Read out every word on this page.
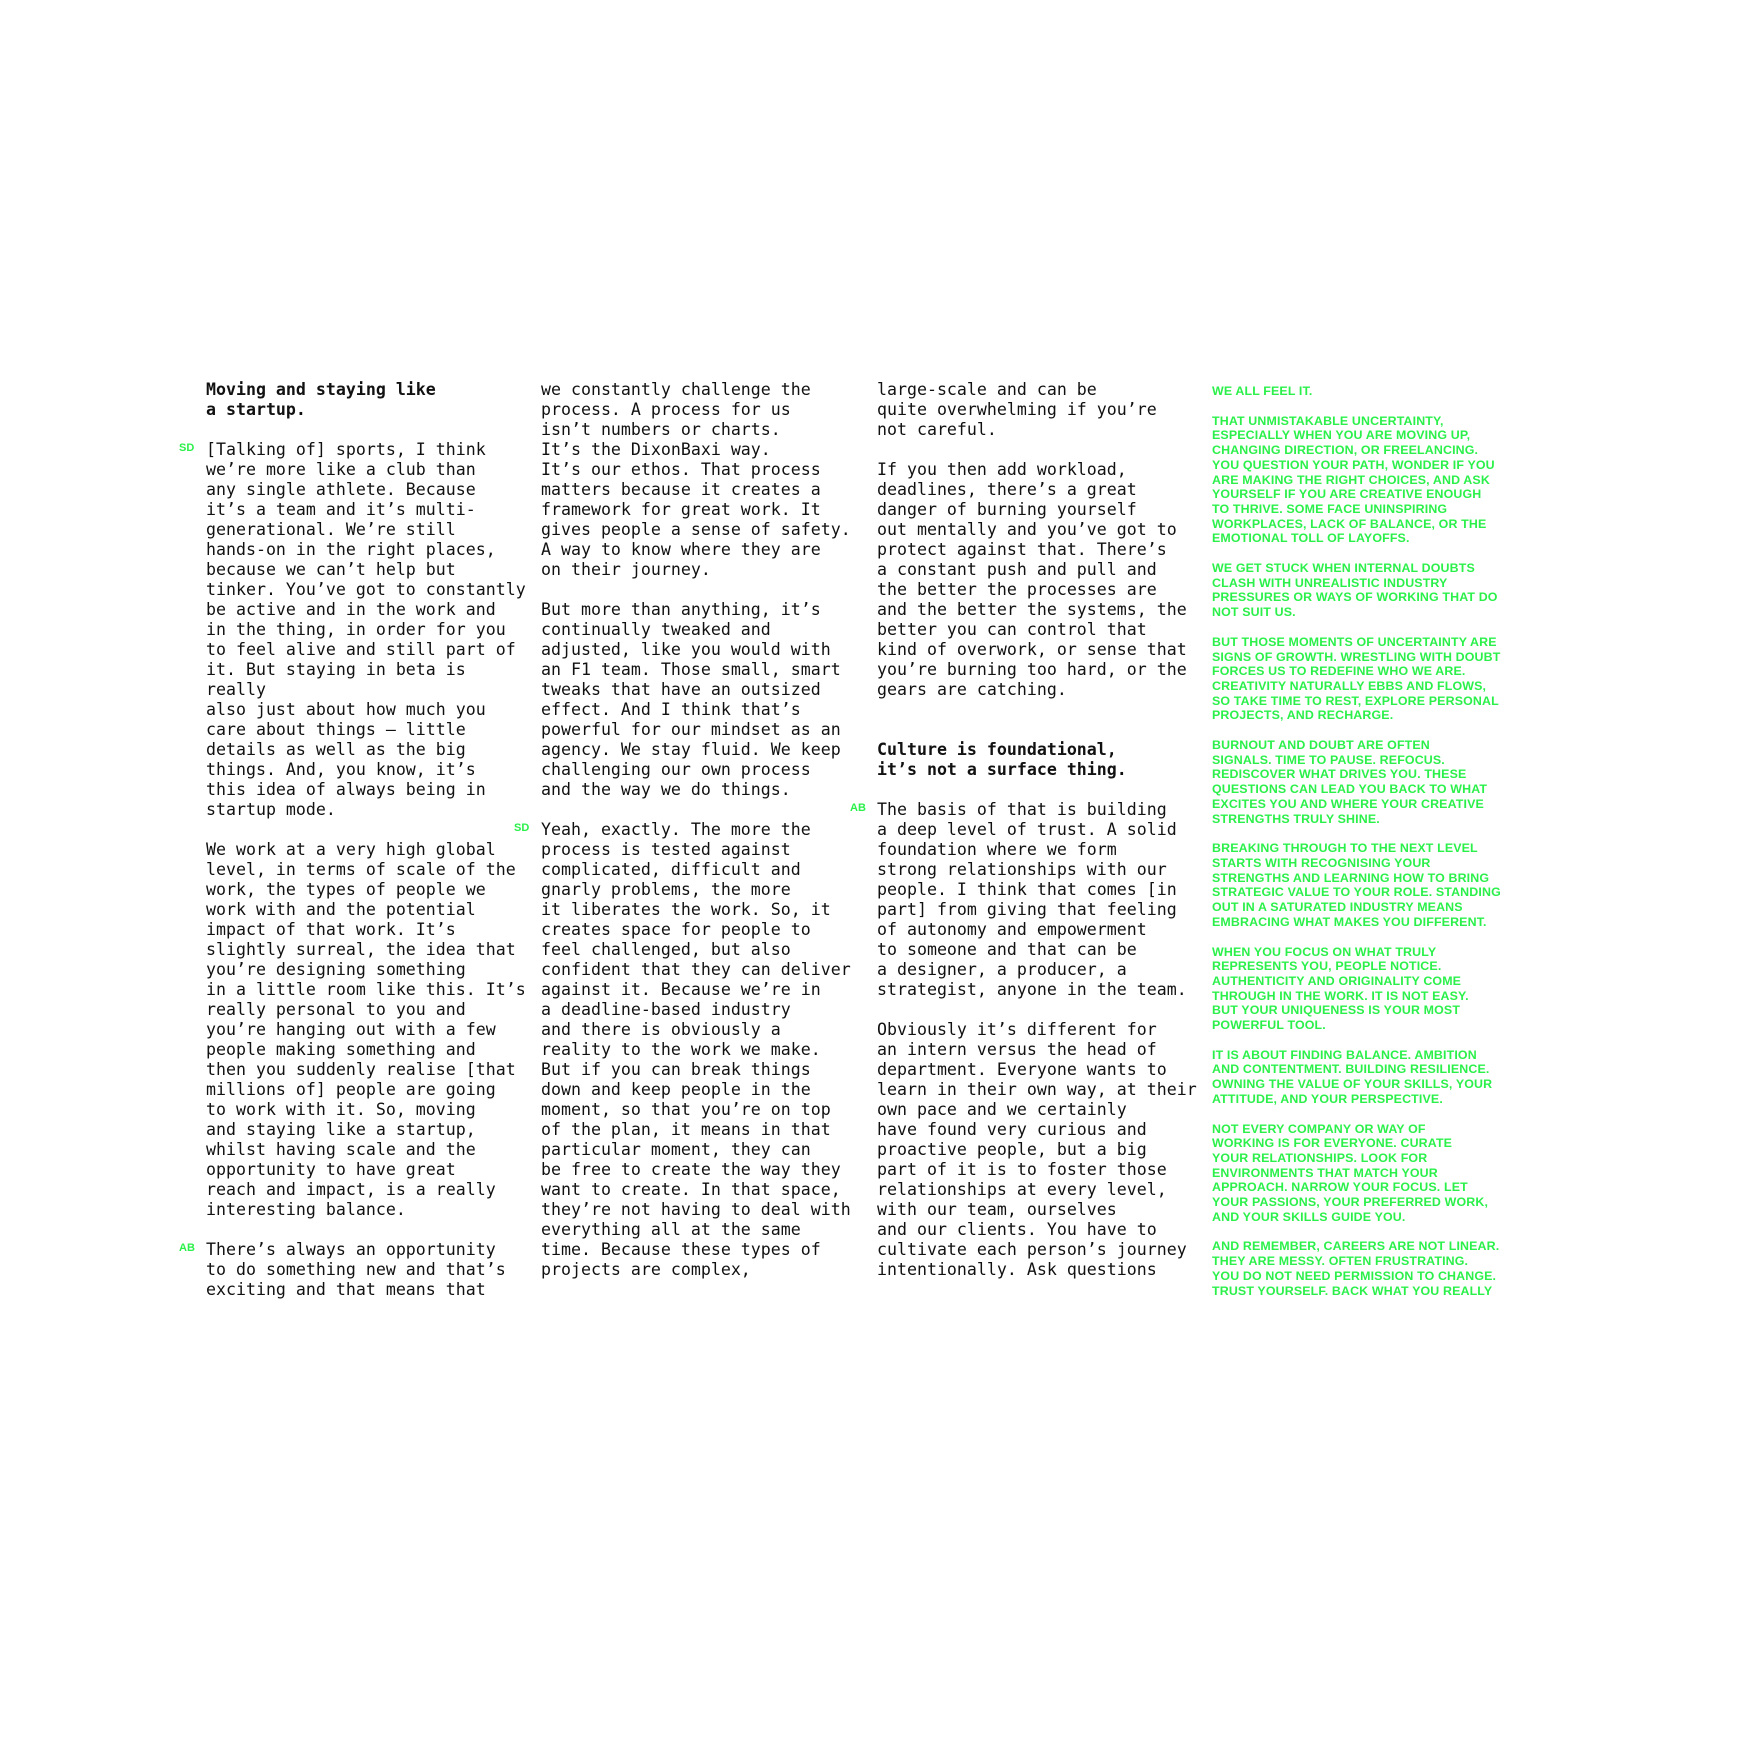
Moving and staying like
a startup.

SD [Talking of] sports, I think
we’re more like a club than
any single athlete. Because
it’s a team and it’s multi-
generational. We’re still
hands-on in the right places,
because we can’t help but
tinker. You’ve got to constantly
be active and in the work and
in the thing, in order for you
to feel alive and still part of
it. But staying in beta is really
also just about how much you
care about things – little
details as well as the big
things. And, you know, it’s
this idea of always being in
startup mode.

We work at a very high global
level, in terms of scale of the
work, the types of people we
work with and the potential
impact of that work. It’s
slightly surreal, the idea that
you’re designing something
in a little room like this. It’s
really personal to you and
you’re hanging out with a few
people making something and
then you suddenly realise [that
millions of] people are going
to work with it. So, moving
and staying like a startup,
whilst having scale and the
opportunity to have great
reach and impact, is a really
interesting balance.

AB There’s always an opportunity
to do something new and that’s
exciting and that means that

we constantly challenge the
process. A process for us
isn’t numbers or charts.
It’s the DixonBaxi way.
It’s our ethos. That process
matters because it creates a
framework for great work. It
gives people a sense of safety.
A way to know where they are
on their journey.

But more than anything, it’s
continually tweaked and
adjusted, like you would with
an F1 team. Those small, smart
tweaks that have an outsized
effect. And I think that’s
powerful for our mindset as an
agency. We stay fluid. We keep
challenging our own process
and the way we do things.

SD Yeah, exactly. The more the
process is tested against
complicated, difficult and
gnarly problems, the more
it liberates the work. So, it
creates space for people to
feel challenged, but also
confident that they can deliver
against it. Because we’re in
a deadline-based industry
and there is obviously a
reality to the work we make.
But if you can break things
down and keep people in the
moment, so that you’re on top
of the plan, it means in that
particular moment, they can
be free to create the way they
want to create. In that space,
they’re not having to deal with
everything all at the same
time. Because these types of
projects are complex,

large-scale and can be
quite overwhelming if you’re
not careful.

If you then add workload,
deadlines, there’s a great
danger of burning yourself
out mentally and you’ve got to
protect against that. There’s
a constant push and pull and
the better the processes are
and the better the systems, the
better you can control that
kind of overwork, or sense that
you’re burning too hard, or the
gears are catching.

Culture is foundational,
it’s not a surface thing.

AB The basis of that is building
a deep level of trust. A solid
foundation where we form
strong relationships with our
people. I think that comes [in
part] from giving that feeling
of autonomy and empowerment
to someone and that can be
a designer, a producer, a
strategist, anyone in the team.

Obviously it’s different for
an intern versus the head of
department. Everyone wants to
learn in their own way, at their
own pace and we certainly
have found very curious and
proactive people, but a big
part of it is to foster those
relationships at every level,
with our team, ourselves
and our clients. You have to
cultivate each person’s journey
intentionally. Ask questions

WE ALL FEEL IT.

THAT UNMISTAKABLE UNCERTAINTY,
ESPECIALLY WHEN YOU ARE MOVING UP,
CHANGING DIRECTION, OR FREELANCING.
YOU QUESTION YOUR PATH, WONDER IF YOU
ARE MAKING THE RIGHT CHOICES, AND ASK
YOURSELF IF YOU ARE CREATIVE ENOUGH
TO THRIVE. SOME FACE UNINSPIRING
WORKPLACES, LACK OF BALANCE, OR THE
EMOTIONAL TOLL OF LAYOFFS.

WE GET STUCK WHEN INTERNAL DOUBTS
CLASH WITH UNREALISTIC INDUSTRY
PRESSURES OR WAYS OF WORKING THAT DO
NOT SUIT US.

BUT THOSE MOMENTS OF UNCERTAINTY ARE
SIGNS OF GROWTH. WRESTLING WITH DOUBT
FORCES US TO REDEFINE WHO WE ARE.
CREATIVITY NATURALLY EBBS AND FLOWS,
SO TAKE TIME TO REST, EXPLORE PERSONAL
PROJECTS, AND RECHARGE.

BURNOUT AND DOUBT ARE OFTEN
SIGNALS. TIME TO PAUSE. REFOCUS.
REDISCOVER WHAT DRIVES YOU. THESE
QUESTIONS CAN LEAD YOU BACK TO WHAT
EXCITES YOU AND WHERE YOUR CREATIVE
STRENGTHS TRULY SHINE.

BREAKING THROUGH TO THE NEXT LEVEL
STARTS WITH RECOGNISING YOUR
STRENGTHS AND LEARNING HOW TO BRING
STRATEGIC VALUE TO YOUR ROLE. STANDING
OUT IN A SATURATED INDUSTRY MEANS
EMBRACING WHAT MAKES YOU DIFFERENT.

WHEN YOU FOCUS ON WHAT TRULY
REPRESENTS YOU, PEOPLE NOTICE.
AUTHENTICITY AND ORIGINALITY COME
THROUGH IN THE WORK. IT IS NOT EASY.
BUT YOUR UNIQUENESS IS YOUR MOST
POWERFUL TOOL.

IT IS ABOUT FINDING BALANCE. AMBITION
AND CONTENTMENT. BUILDING RESILIENCE.
OWNING THE VALUE OF YOUR SKILLS, YOUR
ATTITUDE, AND YOUR PERSPECTIVE.

NOT EVERY COMPANY OR WAY OF
WORKING IS FOR EVERYONE. CURATE
YOUR RELATIONSHIPS. LOOK FOR
ENVIRONMENTS THAT MATCH YOUR
APPROACH. NARROW YOUR FOCUS. LET
YOUR PASSIONS, YOUR PREFERRED WORK,
AND YOUR SKILLS GUIDE YOU.

AND REMEMBER, CAREERS ARE NOT LINEAR.
THEY ARE MESSY. OFTEN FRUSTRATING.
YOU DO NOT NEED PERMISSION TO CHANGE.
TRUST YOURSELF. BACK WHAT YOU REALLY
